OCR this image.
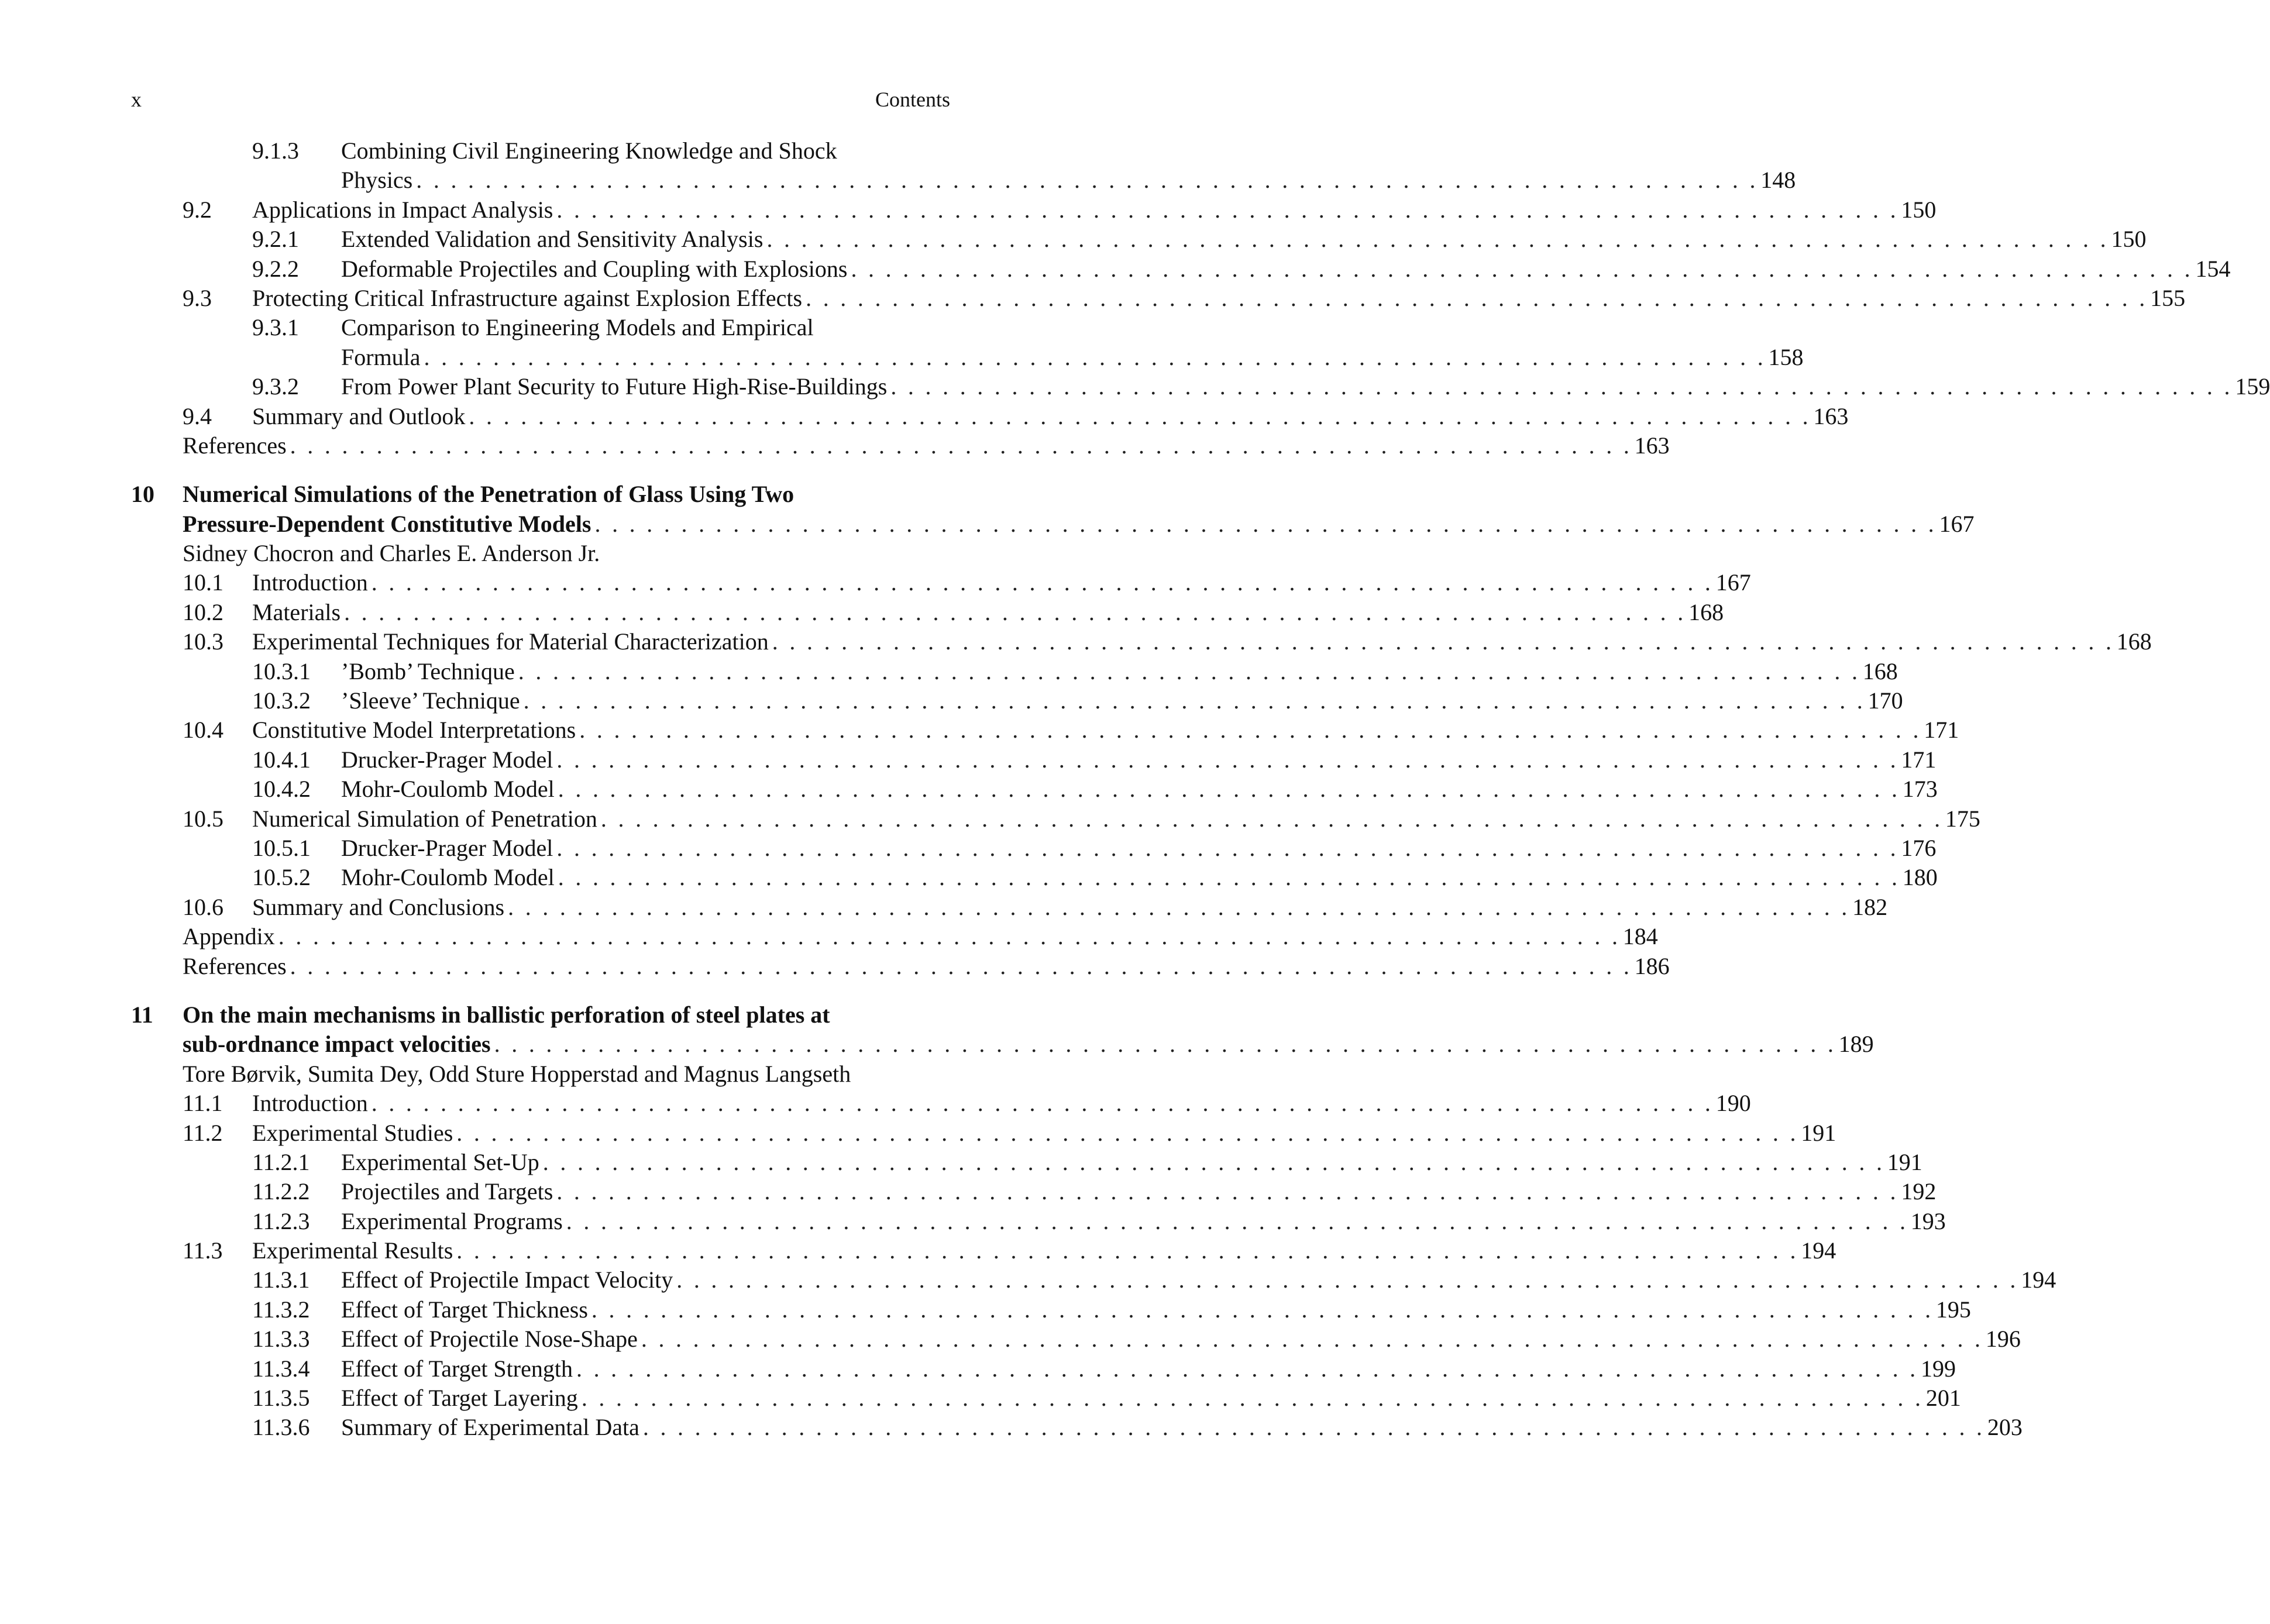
x	Contents
9.1.3 Combining Civil Engineering Knowledge and Shock
Physics . . . . . . . . . . . . . . . . . . . . . . . . . . . . . . . . . . . . . . . . . . . . . . . . . . . . . . . . . . . . . . . . . . . . . . . . . . . . . . 148
9.2 Applications in Impact Analysis . . . . . . . . . . . . . . . . . . . . . . . . . . . . . . . . . . . . . . . . . . . . . . . . . . . . . . . . . . . . . . . . . . . . . . . . . . . . . . 150
9.2.1 Extended Validation and Sensitivity Analysis . . . . . . . . . . . . . . . . . . . . . . . . . . . . . . . . . . . . . . . . . . . . . . . . . . . . . . . . . . . . . . . . . . . . . . . . . . . . . . 150
9.2.2 Deformable Projectiles and Coupling with Explosions . . . . . . . . . . . . . . . . . . . . . . . . . . . . . . . . . . . . . . . . . . . . . . . . . . . . . . . . . . . . . . . . . . . . . . . . . . . . . . 154
9.3 Protecting Critical Infrastructure against Explosion Effects . . . . . . . . . . . . . . . . . . . . . . . . . . . . . . . . . . . . . . . . . . . . . . . . . . . . . . . . . . . . . . . . . . . . . . . . . . . . . . 155
9.3.1 Comparison to Engineering Models and Empirical
Formula . . . . . . . . . . . . . . . . . . . . . . . . . . . . . . . . . . . . . . . . . . . . . . . . . . . . . . . . . . . . . . . . . . . . . . . . . . . . . . 158
9.3.2 From Power Plant Security to Future High-Rise-Buildings . . . . . . . . . . . . . . . . . . . . . . . . . . . . . . . . . . . . . . . . . . . . . . . . . . . . . . . . . . . . . . . . . . . . . . . . . . . . . . 159
9.4 Summary and Outlook . . . . . . . . . . . . . . . . . . . . . . . . . . . . . . . . . . . . . . . . . . . . . . . . . . . . . . . . . . . . . . . . . . . . . . . . . . . . . . 163
References . . . . . . . . . . . . . . . . . . . . . . . . . . . . . . . . . . . . . . . . . . . . . . . . . . . . . . . . . . . . . . . . . . . . . . . . . . . . . . 163
10 Numerical Simulations of the Penetration of Glass Using Two
Pressure-Dependent Constitutive Models . . . . . . . . . . . . . . . . . . . . . . . . . . . . . . . . . . . . . . . . . . . . . . . . . . . . . . . . . . . . . . . . . . . . . . . . . . . . . . 167
Sidney Chocron and Charles E. Anderson Jr.
10.1 Introduction . . . . . . . . . . . . . . . . . . . . . . . . . . . . . . . . . . . . . . . . . . . . . . . . . . . . . . . . . . . . . . . . . . . . . . . . . . . . . . 167
10.2 Materials . . . . . . . . . . . . . . . . . . . . . . . . . . . . . . . . . . . . . . . . . . . . . . . . . . . . . . . . . . . . . . . . . . . . . . . . . . . . . . 168
10.3 Experimental Techniques for Material Characterization . . . . . . . . . . . . . . . . . . . . . . . . . . . . . . . . . . . . . . . . . . . . . . . . . . . . . . . . . . . . . . . . . . . . . . . . . . . . . . 168
10.3.1 ’Bomb’ Technique . . . . . . . . . . . . . . . . . . . . . . . . . . . . . . . . . . . . . . . . . . . . . . . . . . . . . . . . . . . . . . . . . . . . . . . . . . . . . . 168
10.3.2 ’Sleeve’ Technique . . . . . . . . . . . . . . . . . . . . . . . . . . . . . . . . . . . . . . . . . . . . . . . . . . . . . . . . . . . . . . . . . . . . . . . . . . . . . . 170
10.4 Constitutive Model Interpretations . . . . . . . . . . . . . . . . . . . . . . . . . . . . . . . . . . . . . . . . . . . . . . . . . . . . . . . . . . . . . . . . . . . . . . . . . . . . . . 171
10.4.1 Drucker-Prager Model . . . . . . . . . . . . . . . . . . . . . . . . . . . . . . . . . . . . . . . . . . . . . . . . . . . . . . . . . . . . . . . . . . . . . . . . . . . . . . 171
10.4.2 Mohr-Coulomb Model . . . . . . . . . . . . . . . . . . . . . . . . . . . . . . . . . . . . . . . . . . . . . . . . . . . . . . . . . . . . . . . . . . . . . . . . . . . . . . 173
10.5 Numerical Simulation of Penetration . . . . . . . . . . . . . . . . . . . . . . . . . . . . . . . . . . . . . . . . . . . . . . . . . . . . . . . . . . . . . . . . . . . . . . . . . . . . . . 175
10.5.1 Drucker-Prager Model . . . . . . . . . . . . . . . . . . . . . . . . . . . . . . . . . . . . . . . . . . . . . . . . . . . . . . . . . . . . . . . . . . . . . . . . . . . . . . 176
10.5.2 Mohr-Coulomb Model . . . . . . . . . . . . . . . . . . . . . . . . . . . . . . . . . . . . . . . . . . . . . . . . . . . . . . . . . . . . . . . . . . . . . . . . . . . . . . 180
10.6 Summary and Conclusions . . . . . . . . . . . . . . . . . . . . . . . . . . . . . . . . . . . . . . . . . . . . . . . . . . . . . . . . . . . . . . . . . . . . . . . . . . . . . . 182
Appendix . . . . . . . . . . . . . . . . . . . . . . . . . . . . . . . . . . . . . . . . . . . . . . . . . . . . . . . . . . . . . . . . . . . . . . . . . . . . . . 184
References . . . . . . . . . . . . . . . . . . . . . . . . . . . . . . . . . . . . . . . . . . . . . . . . . . . . . . . . . . . . . . . . . . . . . . . . . . . . . . 186
11 On the main mechanisms in ballistic perforation of steel plates at
sub-ordnance impact velocities . . . . . . . . . . . . . . . . . . . . . . . . . . . . . . . . . . . . . . . . . . . . . . . . . . . . . . . . . . . . . . . . . . . . . . . . . . . . . . 189
Tore Børvik, Sumita Dey, Odd Sture Hopperstad and Magnus Langseth
11.1 Introduction . . . . . . . . . . . . . . . . . . . . . . . . . . . . . . . . . . . . . . . . . . . . . . . . . . . . . . . . . . . . . . . . . . . . . . . . . . . . . . 190
11.2 Experimental Studies . . . . . . . . . . . . . . . . . . . . . . . . . . . . . . . . . . . . . . . . . . . . . . . . . . . . . . . . . . . . . . . . . . . . . . . . . . . . . . 191
11.2.1 Experimental Set-Up . . . . . . . . . . . . . . . . . . . . . . . . . . . . . . . . . . . . . . . . . . . . . . . . . . . . . . . . . . . . . . . . . . . . . . . . . . . . . . 191
11.2.2 Projectiles and Targets . . . . . . . . . . . . . . . . . . . . . . . . . . . . . . . . . . . . . . . . . . . . . . . . . . . . . . . . . . . . . . . . . . . . . . . . . . . . . . 192
11.2.3 Experimental Programs . . . . . . . . . . . . . . . . . . . . . . . . . . . . . . . . . . . . . . . . . . . . . . . . . . . . . . . . . . . . . . . . . . . . . . . . . . . . . . 193
11.3 Experimental Results . . . . . . . . . . . . . . . . . . . . . . . . . . . . . . . . . . . . . . . . . . . . . . . . . . . . . . . . . . . . . . . . . . . . . . . . . . . . . . 194
11.3.1 Effect of Projectile Impact Velocity . . . . . . . . . . . . . . . . . . . . . . . . . . . . . . . . . . . . . . . . . . . . . . . . . . . . . . . . . . . . . . . . . . . . . . . . . . . . . . 194
11.3.2 Effect of Target Thickness . . . . . . . . . . . . . . . . . . . . . . . . . . . . . . . . . . . . . . . . . . . . . . . . . . . . . . . . . . . . . . . . . . . . . . . . . . . . . . 195
11.3.3 Effect of Projectile Nose-Shape . . . . . . . . . . . . . . . . . . . . . . . . . . . . . . . . . . . . . . . . . . . . . . . . . . . . . . . . . . . . . . . . . . . . . . . . . . . . . . 196
11.3.4 Effect of Target Strength . . . . . . . . . . . . . . . . . . . . . . . . . . . . . . . . . . . . . . . . . . . . . . . . . . . . . . . . . . . . . . . . . . . . . . . . . . . . . . 199
11.3.5 Effect of Target Layering . . . . . . . . . . . . . . . . . . . . . . . . . . . . . . . . . . . . . . . . . . . . . . . . . . . . . . . . . . . . . . . . . . . . . . . . . . . . . . 201
11.3.6 Summary of Experimental Data . . . . . . . . . . . . . . . . . . . . . . . . . . . . . . . . . . . . . . . . . . . . . . . . . . . . . . . . . . . . . . . . . . . . . . . . . . . . . . 203
